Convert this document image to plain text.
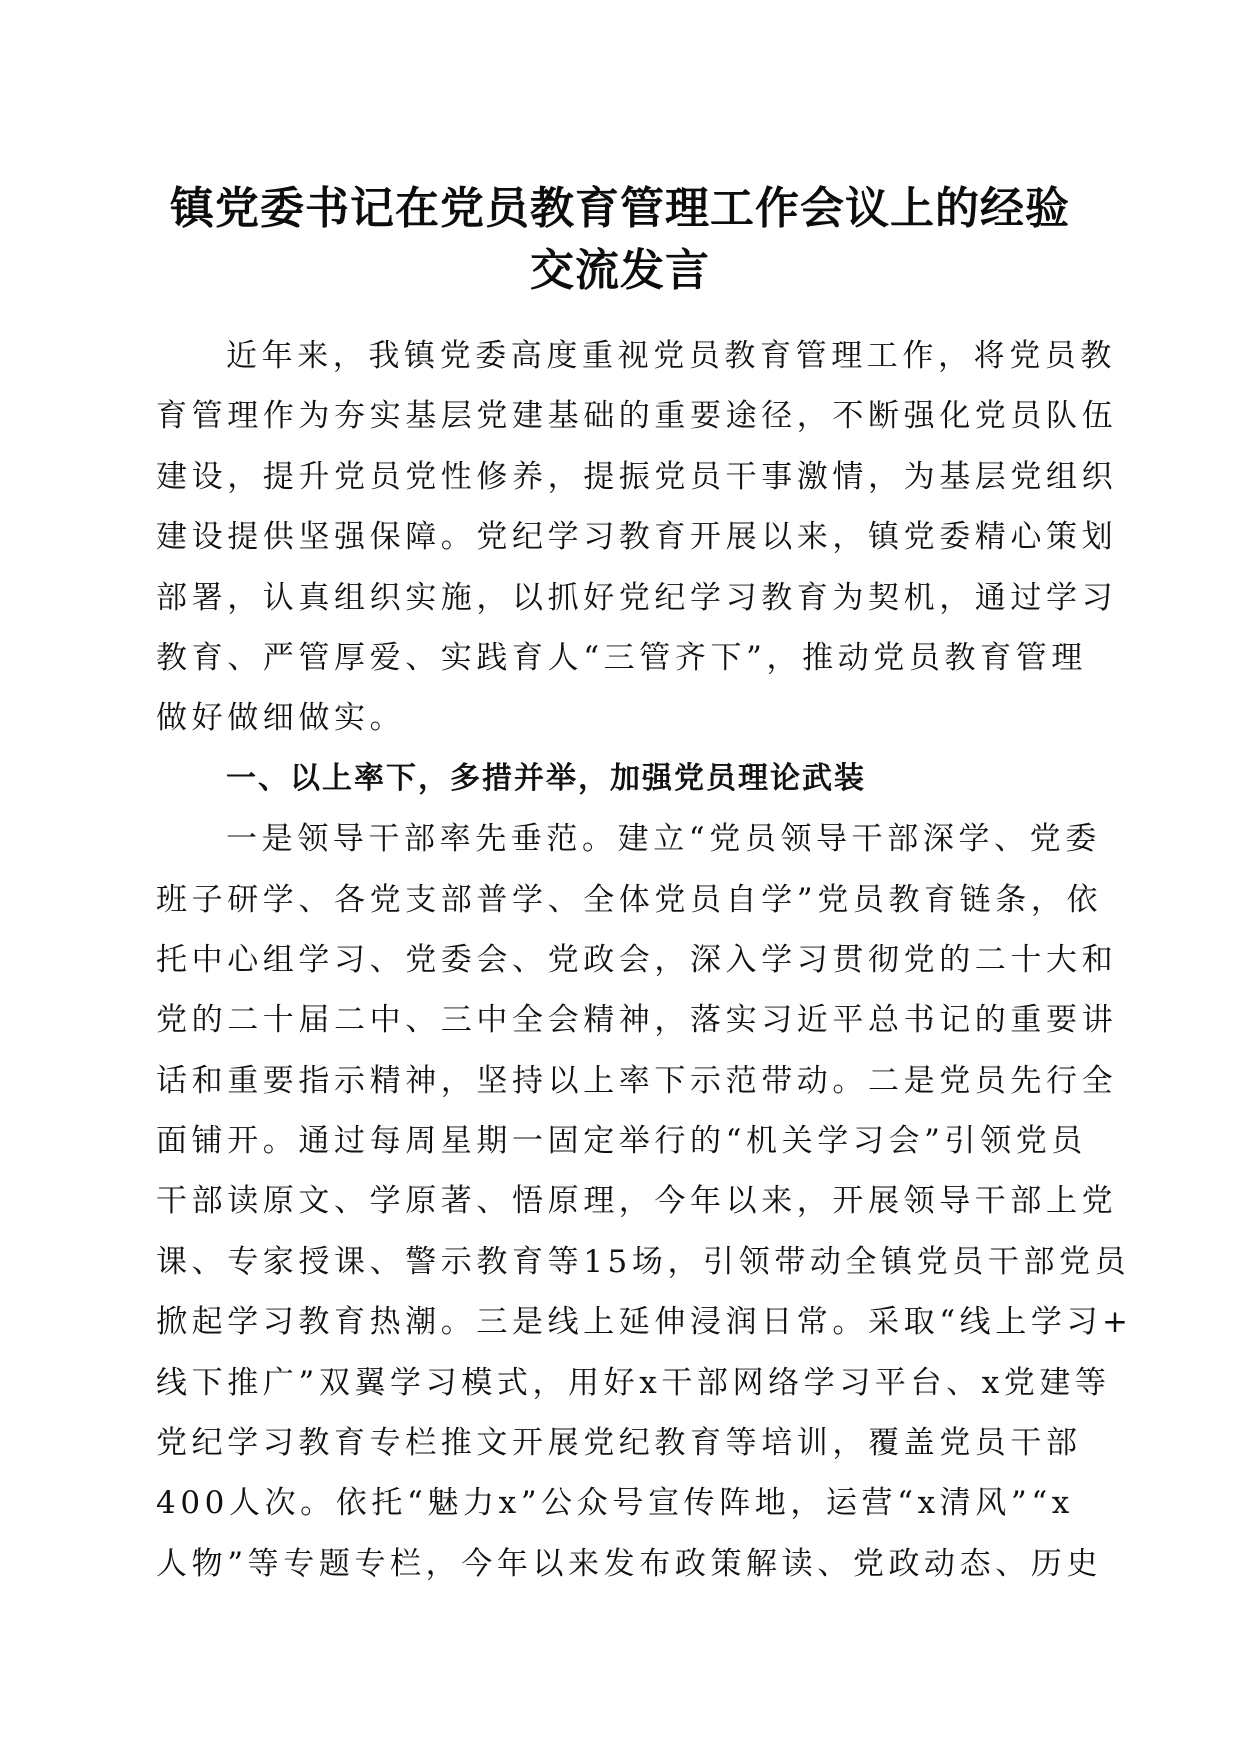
镇党委书记在党员教育管理工作会议上的经验
交流发言
近年来，我镇党委高度重视党员教育管理工作，将党员教
育管理作为夯实基层党建基础的重要途径，不断强化党员队伍
建设，提升党员党性修养，提振党员干事激情，为基层党组织
建设提供坚强保障。党纪学习教育开展以来，镇党委精心策划
部署，认真组织实施，以抓好党纪学习教育为契机，通过学习
教育、严管厚爱、实践育人“三管齐下”，推动党员教育管理
做好做细做实。
一、以上率下，多措并举，加强党员理论武装
一是领导干部率先垂范。建立“党员领导干部深学、党委
班子研学、各党支部普学、全体党员自学”党员教育链条，依
托中心组学习、党委会、党政会，深入学习贯彻党的二十大和
党的二十届二中、三中全会精神，落实习近平总书记的重要讲
话和重要指示精神，坚持以上率下示范带动。二是党员先行全
面铺开。通过每周星期一固定举行的“机关学习会”引领党员
干部读原文、学原著、悟原理，今年以来，开展领导干部上党
课、专家授课、警示教育等15场，引领带动全镇党员干部党员
掀起学习教育热潮。三是线上延伸浸润日常。采取“线上学习+
线下推广”双翼学习模式，用好x干部网络学习平台、x党建等
党纪学习教育专栏推文开展党纪教育等培训，覆盖党员干部
400人次。依托“魅力x”公众号宣传阵地，运营“x清风”“x
人物”等专题专栏，今年以来发布政策解读、党政动态、历史
